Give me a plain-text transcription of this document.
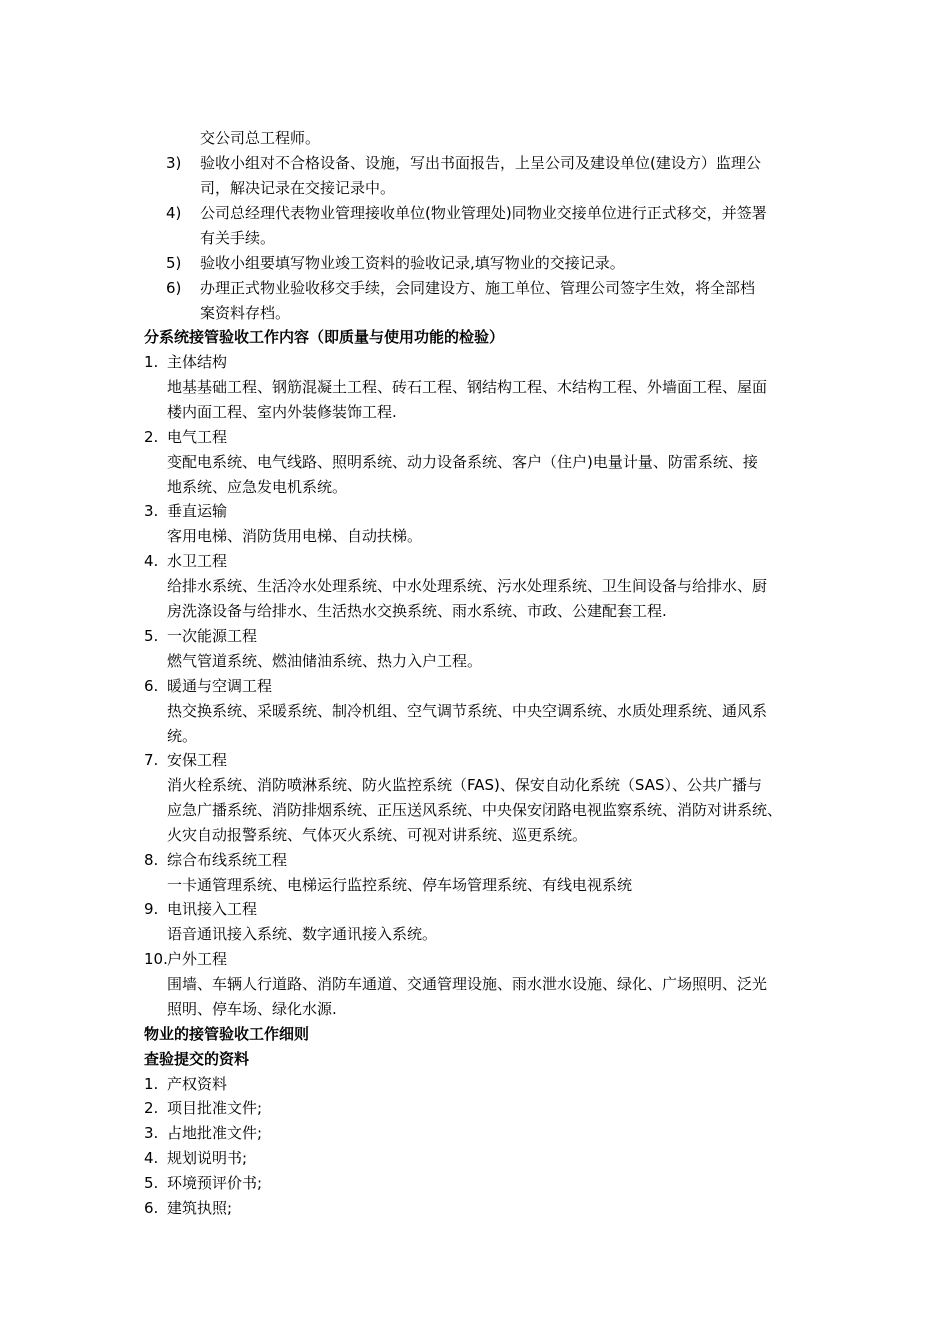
交公司总工程师。
3) 验收小组对不合格设备、设施，写出书面报告，上呈公司及建设单位(建设方）监理公
司，解决记录在交接记录中。
4) 公司总经理代表物业管理接收单位(物业管理处)同物业交接单位进行正式移交，并签署
有关手续。
5) 验收小组要填写物业竣工资料的验收记录,填写物业的交接记录。
6) 办理正式物业验收移交手续，会同建设方、施工单位、管理公司签字生效，将全部档
案资料存档。
分系统接管验收工作内容（即质量与使用功能的检验）
1. 主体结构
地基基础工程、钢筋混凝土工程、砖石工程、钢结构工程、木结构工程、外墙面工程、屋面
楼内面工程、室内外装修装饰工程.
2. 电气工程
变配电系统、电气线路、照明系统、动力设备系统、客户（住户)电量计量、防雷系统、接
地系统、应急发电机系统。
3. 垂直运输
客用电梯、消防货用电梯、自动扶梯。
4. 水卫工程
给排水系统、生活冷水处理系统、中水处理系统、污水处理系统、卫生间设备与给排水、厨
房洗涤设备与给排水、生活热水交换系统、雨水系统、市政、公建配套工程.
5. 一次能源工程
燃气管道系统、燃油储油系统、热力入户工程。
6. 暖通与空调工程
热交换系统、采暖系统、制冷机组、空气调节系统、中央空调系统、水质处理系统、通风系
统。
7. 安保工程
消火栓系统、消防喷淋系统、防火监控系统（FAS)、保安自动化系统（SAS）、公共广播与
应急广播系统、消防排烟系统、正压送风系统、中央保安闭路电视监察系统、消防对讲系统、
火灾自动报警系统、气体灭火系统、可视对讲系统、巡更系统。
8. 综合布线系统工程
一卡通管理系统、电梯运行监控系统、停车场管理系统、有线电视系统
9. 电讯接入工程
语音通讯接入系统、数字通讯接入系统。
10. 户外工程
围墙、车辆人行道路、消防车通道、交通管理设施、雨水泄水设施、绿化、广场照明、泛光
照明、停车场、绿化水源.
物业的接管验收工作细则
查验提交的资料
1. 产权资料
2. 项目批准文件;
3. 占地批准文件;
4. 规划说明书;
5. 环境预评价书;
6. 建筑执照;
